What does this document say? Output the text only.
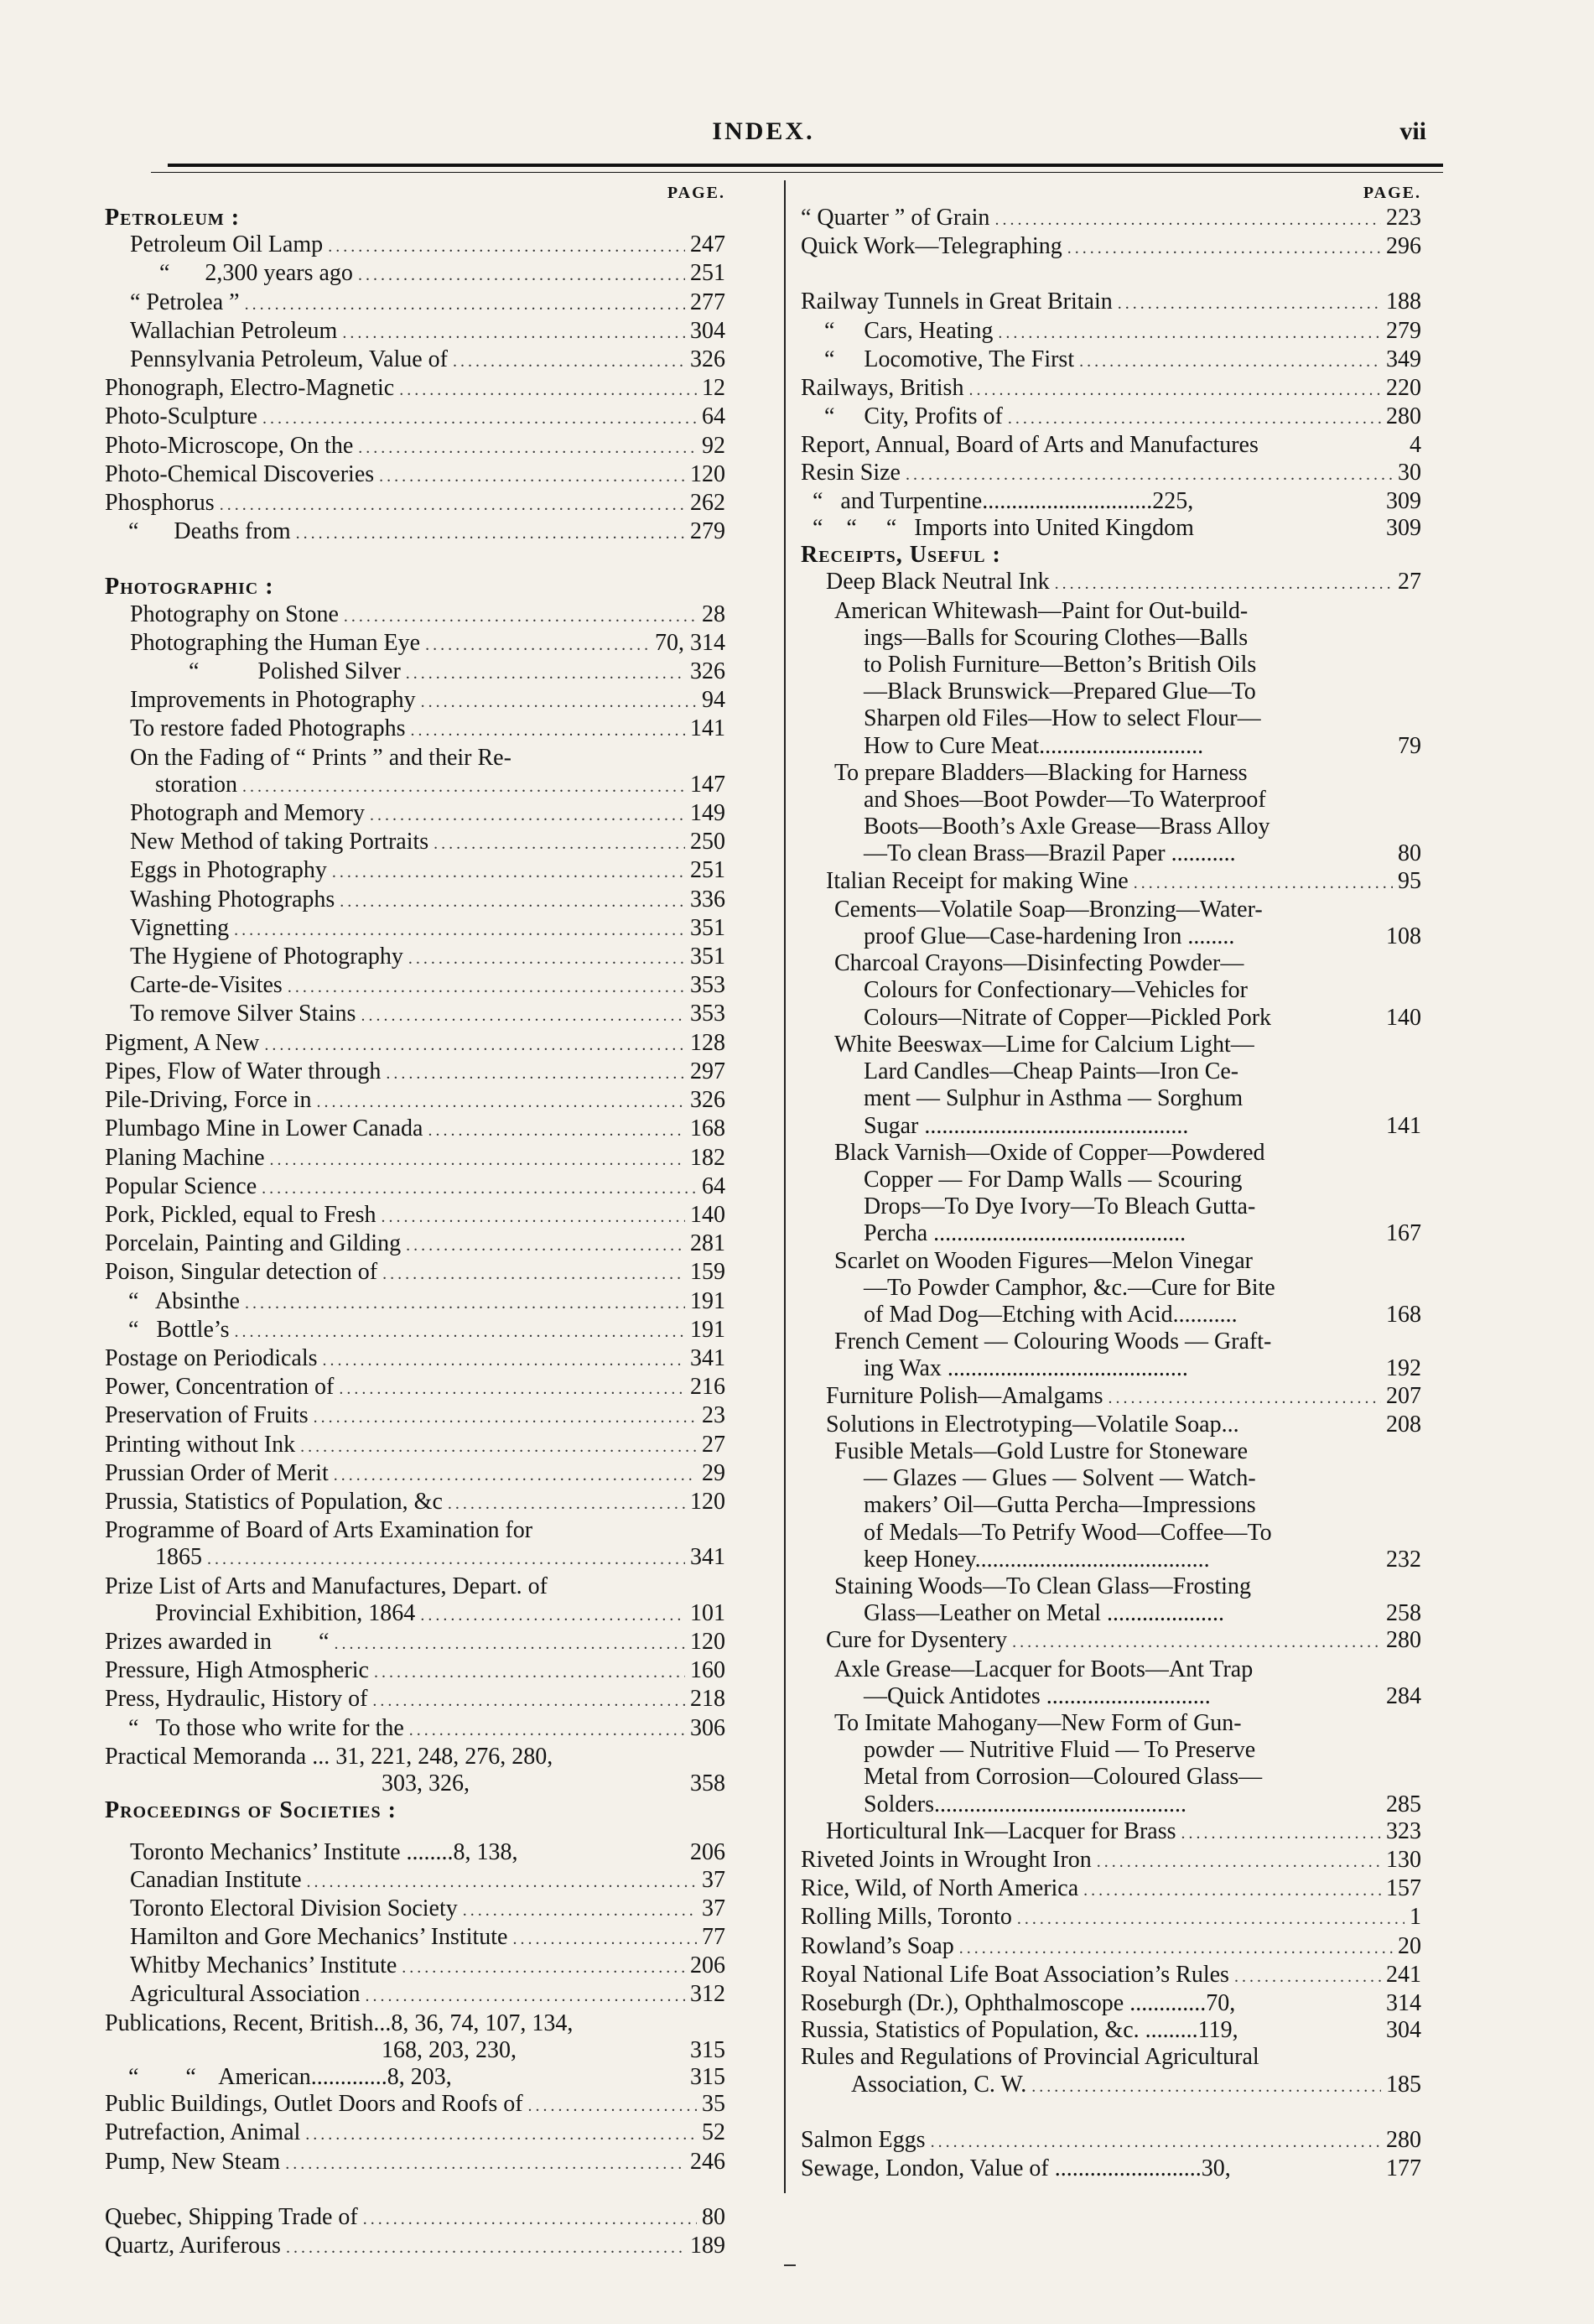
INDEX.	vii
PAGE.
Petroleum :
Petroleum Oil Lamp .....	247
“      2,300 years ago .....	251
“ Petrolea ” .....	277
Wallachian Petroleum .....	304
Pennsylvania Petroleum, Value of .....	326
Phonograph, Electro-Magnetic .....	12
Photo-Sculpture .....	64
Photo-Microscope, On the .....	92
Photo-Chemical Discoveries .....	120
Phosphorus .....	262
“      Deaths from .....	279
Photographic :
Photography on Stone .....	28
Photographing the Human Eye .....	70, 314
“          Polished Silver .....	326
Improvements in Photography .....	94
To restore faded Photographs .....	141
On the Fading of “ Prints ” and their Re-
storation .....	147
Photograph and Memory .....	149
New Method of taking Portraits .....	250
Eggs in Photography .....	251
Washing Photographs .....	336
Vignetting .....	351
The Hygiene of Photography .....	351
Carte-de-Visites .....	353
To remove Silver Stains .....	353
Pigment, A New .....	128
Pipes, Flow of Water through .....	297
Pile-Driving, Force in .....	326
Plumbago Mine in Lower Canada .....	168
Planing Machine .....	182
Popular Science .....	64
Pork, Pickled, equal to Fresh .....	140
Porcelain, Painting and Gilding .....	281
Poison, Singular detection of .....	159
“   Absinthe .....	191
“   Bottle’s .....	191
Postage on Periodicals .....	341
Power, Concentration of .....	216
Preservation of Fruits .....	23
Printing without Ink .....	27
Prussian Order of Merit .....	29
Prussia, Statistics of Population, &c .....	120
Programme of Board of Arts Examination for
1865 .....	341
Prize List of Arts and Manufactures, Depart. of
Provincial Exhibition, 1864 .....	101
Prizes awarded in        “ .....	120
Pressure, High Atmospheric .....	160
Press, Hydraulic, History of .....	218
“   To those who write for the .....	306
Practical Memoranda ... 31, 221, 248, 276, 280,
303, 326,	358
Proceedings of Societies :
Toronto Mechanics’ Institute ........8, 138,	206
Canadian Institute .....	37
Toronto Electoral Division Society .....	37
Hamilton and Gore Mechanics’ Institute .....	77
Whitby Mechanics’ Institute .....	206
Agricultural Association .....	312
Publications, Recent, British...8, 36, 74, 107, 134,
168, 203, 230,	315
“        “    American.............8, 203,	315
Public Buildings, Outlet Doors and Roofs of .....	35
Putrefaction, Animal .....	52
Pump, New Steam .....	246
Quebec, Shipping Trade of .....	80
Quartz, Auriferous .....	189
PAGE.
“ Quarter ” of Grain .....	223
Quick Work—Telegraphing .....	296
Railway Tunnels in Great Britain .....	188
“     Cars, Heating .....	279
“     Locomotive, The First .....	349
Railways, British .....	220
“     City, Profits of .....	280
Report, Annual, Board of Arts and Manufactures	4
Resin Size .....	30
“   and Turpentine.............................225,	309
“    “     “   Imports into United Kingdom	309
Receipts, Useful :
Deep Black Neutral Ink .....	27
American Whitewash—Paint for Out-build-
ings—Balls for Scouring Clothes—Balls
to Polish Furniture—Betton’s British Oils
—Black Brunswick—Prepared Glue—To
Sharpen old Files—How to select Flour—
How to Cure Meat............................	79
To prepare Bladders—Blacking for Harness
and Shoes—Boot Powder—To Waterproof
Boots—Booth’s Axle Grease—Brass Alloy
—To clean Brass—Brazil Paper ...........	80
Italian Receipt for making Wine .....	95
Cements—Volatile Soap—Bronzing—Water-
proof Glue—Case-hardening Iron ........	108
Charcoal Crayons—Disinfecting Powder—
Colours for Confectionary—Vehicles for
Colours—Nitrate of Copper—Pickled Pork	140
White Beeswax—Lime for Calcium Light—
Lard Candles—Cheap Paints—Iron Ce-
ment — Sulphur in Asthma — Sorghum
Sugar .............................................	141
Black Varnish—Oxide of Copper—Powdered
Copper — For Damp Walls — Scouring
Drops—To Dye Ivory—To Bleach Gutta-
Percha ...........................................	167
Scarlet on Wooden Figures—Melon Vinegar
—To Powder Camphor, &c.—Cure for Bite
of Mad Dog—Etching with Acid...........	168
French Cement — Colouring Woods — Graft-
ing Wax .........................................	192
Furniture Polish—Amalgams .....	207
Solutions in Electrotyping—Volatile Soap...	208
Fusible Metals—Gold Lustre for Stoneware
— Glazes — Glues — Solvent — Watch-
makers’ Oil—Gutta Percha—Impressions
of Medals—To Petrify Wood—Coffee—To
keep Honey........................................	232
Staining Woods—To Clean Glass—Frosting
Glass—Leather on Metal ....................	258
Cure for Dysentery .....	280
Axle Grease—Lacquer for Boots—Ant Trap
—Quick Antidotes ............................	284
To Imitate Mahogany—New Form of Gun-
powder — Nutritive Fluid — To Preserve
Metal from Corrosion—Coloured Glass—
Solders...........................................	285
Horticultural Ink—Lacquer for Brass .....	323
Riveted Joints in Wrought Iron .....	130
Rice, Wild, of North America .....	157
Rolling Mills, Toronto .....	1
Rowland’s Soap .....	20
Royal National Life Boat Association’s Rules .....	241
Roseburgh (Dr.), Ophthalmoscope .............70,	314
Russia, Statistics of Population, &c. .........119,	304
Rules and Regulations of Provincial Agricultural
Association, C. W. .....	185
Salmon Eggs .....	280
Sewage, London, Value of .........................30,	177
